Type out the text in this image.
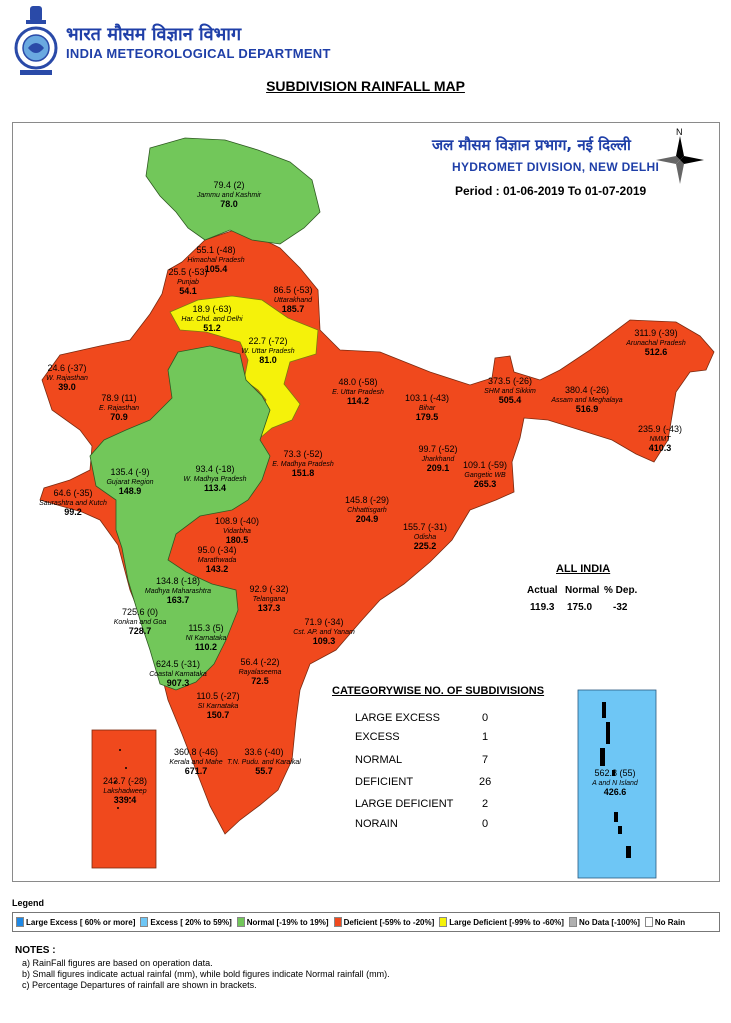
भारत मौसम विज्ञान विभाग
INDIA METEOROLOGICAL DEPARTMENT
SUBDIVISION RAINFALL MAP
79.4 (2)
Jammu and Kashmir
78.0
55.1 (-48)
Himachal Pradesh
105.4
25.5 (-53)
Punjab
54.1	86.5 (-53)
Uttarakhand
185.7
18.9 (-63)
Har. Chd. and Delhi
51.2
22.7 (-72)
W. Uttar Pradesh
81.0
24.6 (-37)
W. Rajasthan
39.0
78.9 (11)
E. Rajasthan
70.9
48.0 (-58)
E. Uttar Pradesh
114.2	103.1 (-43)
Bihar
179.5
373.5 (-26)
SHM and Sikkim
505.4
311.9 (-39)
Arunachal Pradesh
512.6
380.4 (-26)
Assam and Meghalaya
516.9
235.9 (-43)
NMMT
410.3
135.4 (-9)
Gujarat Region
148.9
93.4 (-18)
W. Madhya Pradesh
113.4
73.3 (-52)
E. Madhya Pradesh
151.8
99.7 (-52)
Jharkhand
209.1 109.1 (-59)
Gangetic WB
265.3
64.6 (-35)
Saurashtra and Kutch
99.2
145.8 (-29)
Chhattisgarh
204.9
155.7 (-31)
Odisha
225.2
108.9 (-40)
Vidarbha
180.5
95.0 (-34)
Marathwada
143.2
134.8 (-18)
Madhya Maharashtra
163.7
725.6 (0)
Konkan and Goa
728.7
92.9 (-32)
Telangana
137.3
115.3 (5)
NI Karnataka
110.2
71.9 (-34)
Cst. AP. and Yanam
109.3
624.5 (-31)
Coastal Karnataka
907.3
56.4 (-22)
Rayalaseema
72.5
110.5 (-27)
SI Karnataka
150.7
360.8 (-46)
Kerala and Mahe
671.7
33.6 (-40)
T.N. Pudu. and Karaikal
55.7
243.7 (-28)
Lakshadweep
339.4
562.8 (55)
A and N Island
426.6
N
जल मौसम विज्ञान प्रभाग, नई दिल्ली
HYDROMET DIVISION, NEW DELHI
Period : 01-06-2019 To 01-07-2019
ALL INDIA
Actual Normal % Dep.
119.3 175.0 -32
CATEGORYWISE NO. OF SUBDIVISIONS
LARGE EXCESS	0
EXCESS	1
NORMAL	7
DEFICIENT	26
LARGE DEFICIENT	2
NORAIN	0
Legend
Large Excess [ 60% or more] Excess [ 20% to 59%] Normal [-19% to 19%] Deficient [-59% to -20%] Large Deficient [-99% to -60%] No Data [-100%] No Rain
NOTES :
a) RainFall figures are based on operation data.
b) Small figures indicate actual rainfal (mm), while bold figures indicate Normal rainfall (mm).
c) Percentage Departures of rainfall are shown in brackets.
